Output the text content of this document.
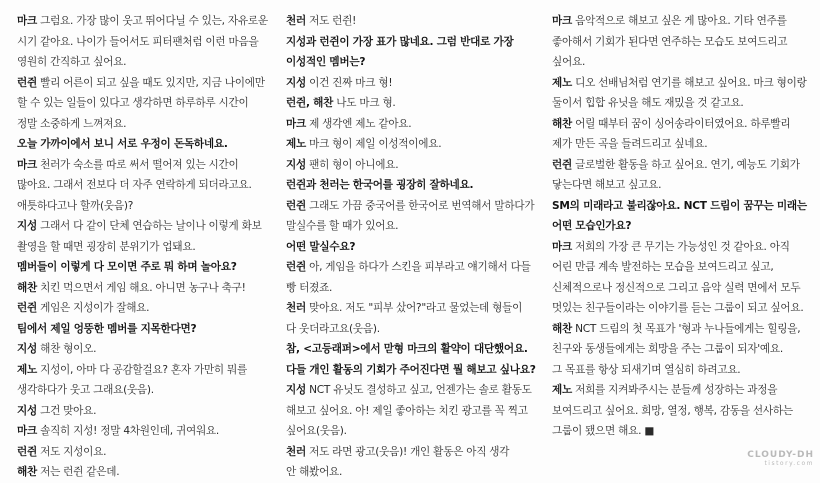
마크 그럼요. 가장 많이 웃고 뛰어다닐 수 있는, 자유로운
시기 같아요. 나이가 들어서도 피터팬처럼 이런 마음을
영원히 간직하고 싶어요.
런쥔 빨리 어른이 되고 싶을 때도 있지만, 지금 나이에만
할 수 있는 일들이 있다고 생각하면 하루하루 시간이
정말 소중하게 느껴져요.
오늘 가까이에서 보니 서로 우정이 돈독하네요.
마크 천러가 숙소를 따로 써서 떨어져 있는 시간이
많아요. 그래서 전보다 더 자주 연락하게 되더라고요.
애틋하다고나 할까(웃음)?
지성 그래서 다 같이 단체 연습하는 날이나 이렇게 화보
촬영을 할 때면 굉장히 분위기가 업돼요.
멤버들이 이렇게 다 모이면 주로 뭐 하며 놀아요?
해찬 치킨 먹으면서 게임 해요. 아니면 농구나 축구!
런쥔 게임은 지성이가 잘해요.
팀에서 제일 엉뚱한 멤버를 지목한다면?
지성 해찬 형이오.
제노 지성이, 아마 다 공감할걸요? 혼자 가만히 뭐를
생각하다가 웃고 그래요(웃음).
지성 그건 맞아요.
마크 솔직히 지성! 정말 4차원인데, 귀여워요.
런쥔 저도 지성이요.
해찬 저는 런쥔 같은데.
천러 저도 런쥔!
지성과 런쥔이 가장 표가 많네요. 그럼 반대로 가장
이성적인 멤버는?
지성 이건 진짜 마크 형!
런쥔, 해찬 나도 마크 형.
마크 제 생각엔 제노 같아요.
제노 마크 형이 제일 이성적이에요.
지성 팬히 형이 아니에요.
런쥔과 천러는 한국어를 굉장히 잘하네요.
런쥔 그래도 가끔 중국어를 한국어로 번역해서 말하다가
말실수를 할 때가 있어요.
어떤 말실수요?
런쥔 아, 게임을 하다가 스킨을 피부라고 얘기해서 다들
빵 터졌죠.
천러 맞아요. 저도 "피부 샀어?"라고 물었는데 형들이
다 웃더라고요(웃음).
참, <고등래퍼>에서 맏형 마크의 활약이 대단했어요.
다들 개인 활동의 기회가 주어진다면 뭘 해보고 싶나요?
지성 NCT 유닛도 결성하고 싶고, 언젠가는 솔로 활동도
해보고 싶어요. 아! 제일 좋아하는 치킨 광고를 꼭 찍고
싶어요(웃음).
천러 저도 라면 광고(웃음)! 개인 활동은 아직 생각
안 해봤어요.
마크 음악적으로 해보고 싶은 게 많아요. 기타 연주를
좋아해서 기회가 된다면 연주하는 모습도 보여드리고
싶어요.
제노 디오 선배님처럼 연기를 해보고 싶어요. 마크 형이랑
둘이서 힙합 유닛을 해도 재밌을 것 같고요.
해찬 어릴 때부터 꿈이 싱어송라이터였어요. 하루빨리
제가 만든 곡을 들려드리고 싶네요.
런쥔 글로벌한 활동을 하고 싶어요. 연기, 예능도 기회가
닿는다면 해보고 싶고요.
SM의 미래라고 불리잖아요. NCT 드림이 꿈꾸는 미래는
어떤 모습인가요?
마크 저희의 가장 큰 무기는 가능성인 것 같아요. 아직
어린 만큼 계속 발전하는 모습을 보여드리고 싶고,
신체적으로나 정신적으로 그리고 음악 실력 면에서 모두
멋있는 친구들이라는 이야기를 듣는 그룹이 되고 싶어요.
해찬 NCT 드림의 첫 목표가 '형과 누나들에게는 힐링을,
친구와 동생들에게는 희망을 주는 그룹이 되자'예요.
그 목표를 항상 되새기며 열심히 하려고요.
제노 저희를 지켜봐주시는 분들께 성장하는 과정을
보여드리고 싶어요. 희망, 열정, 행복, 감동을 선사하는
그룹이 됐으면 해요. ■
CLOUDY-DH
tistory.com
